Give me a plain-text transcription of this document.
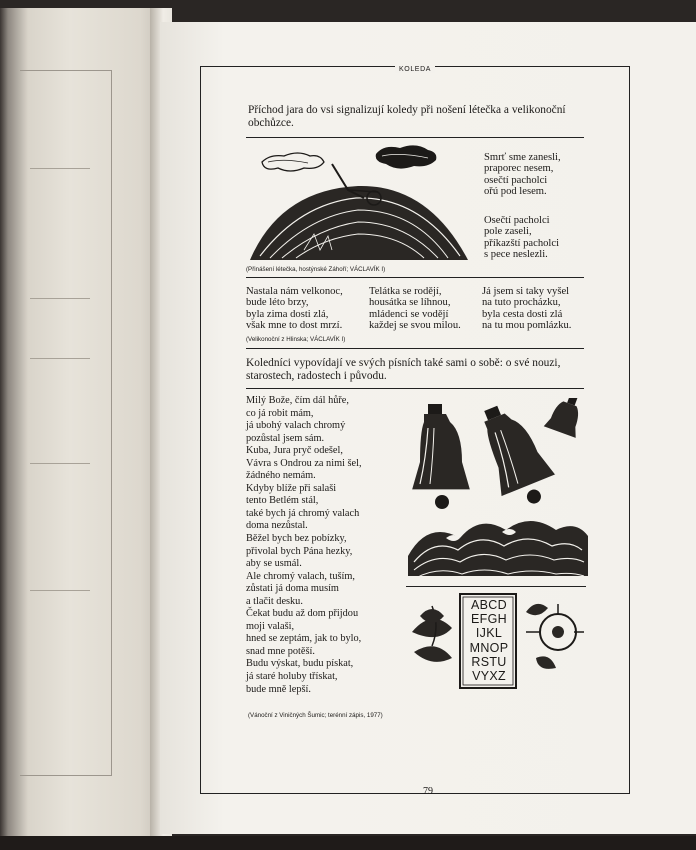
KOLEDA
79
Příchod jara do vsi signalizují koledy při nošení létečka a velikonoční obchůzce.
Smrť sme zanesli,
praporec nesem,
osečtí pacholci
ořú pod lesem.
Osečtí pacholci
pole zaseli,
příkazští pacholci
s pece neslezli.
(Přinášení létečka, hostýnské Záhoří; VÁCLAVÍK I)
Nastala nám velkonoc,
bude léto brzy,
byla zima dosti zlá,
však mne to dost mrzí.
Telátka se rodějí,
housátka se líhnou,
mládenci se vodějí
každej se svou milou.
Já jsem si taky vyšel
na tuto procházku,
byla cesta dosti zlá
na tu mou pomlázku.
(Velikonoční z Hlinska; VÁCLAVÍK I)
Koledníci vypovídají ve svých písních také sami o sobě: o své nouzi, starostech, radostech i původu.
Milý Bože, čím dál hůře,
co já robit mám,
já ubohý valach chromý
pozůstal jsem sám.
Kuba, Jura pryč odešel,
Vávra s Ondrou za nimi šel,
žádného nemám.
Kdyby blíže při salaši
tento Betlém stál,
také bych já chromý valach
doma nezůstal.
Běžel bych bez pobízky,
přivolal bych Pána hezky,
aby se usmál.
Ale chromý valach, tuším,
zůstati já doma musím
a tlačit desku.
Čekat budu až dom přijdou
moji valaši,
hned se zeptám, jak to bylo,
snad mne potěší.
Budu výskat, budu pískat,
já staré holuby třískat,
bude mně lepší.
(Vánoční z Viničných Šumic; terénní zápis, 1977)
ABCD
EFGH
IJKL
MNOP
RSTU
VYXZ
